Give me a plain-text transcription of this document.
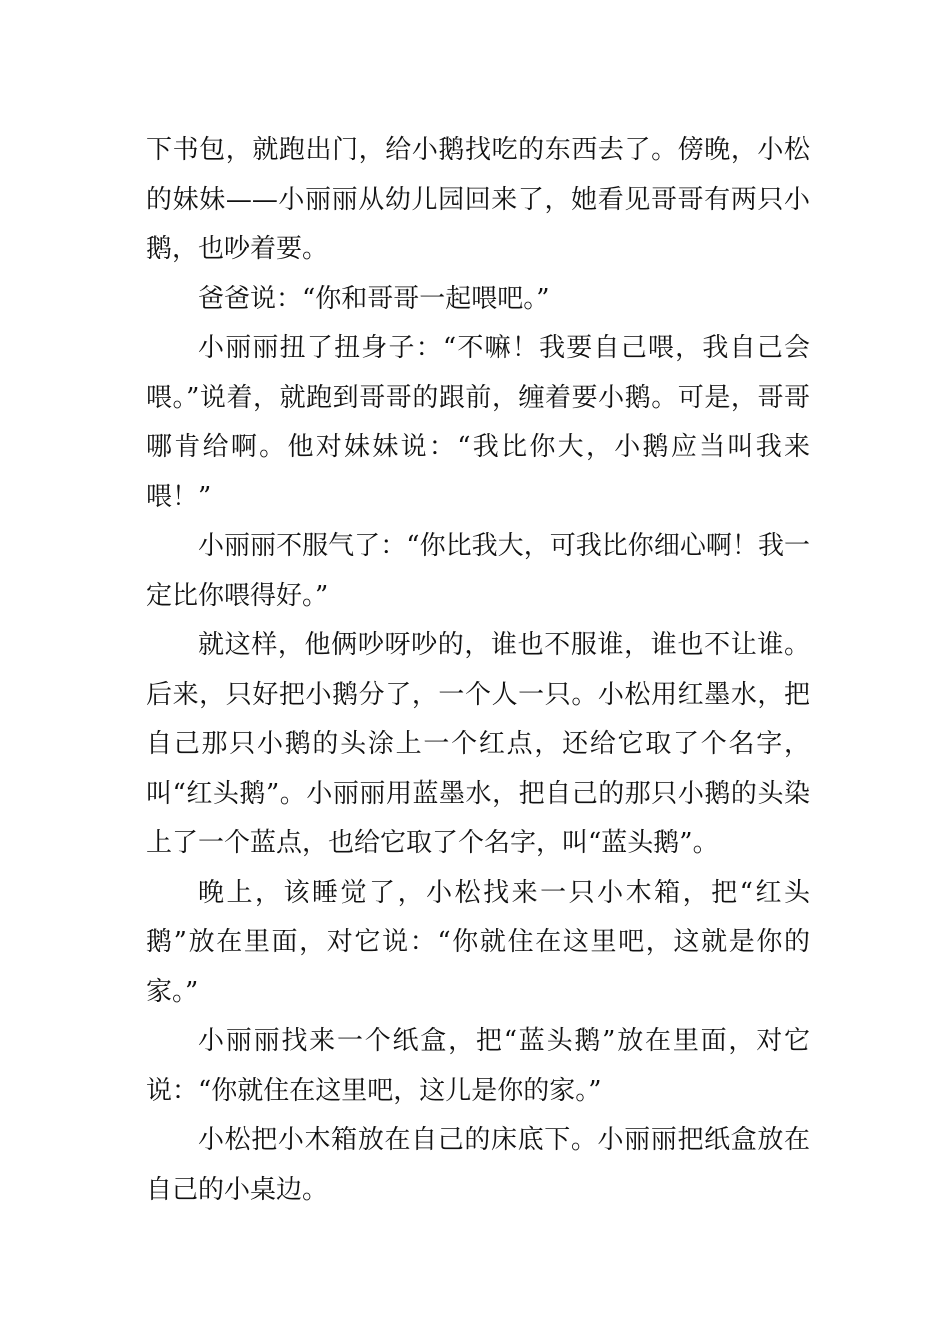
下书包，就跑出门，给小鹅找吃的东西去了。傍晚，小松的妹妹——小丽丽从幼儿园回来了，她看见哥哥有两只小鹅，也吵着要。

爸爸说：“你和哥哥一起喂吧。”

小丽丽扭了扭身子：“不嘛！我要自己喂，我自己会喂。”说着，就跑到哥哥的跟前，缠着要小鹅。可是，哥哥哪肯给啊。他对妹妹说：“我比你大，小鹅应当叫我来喂！”

小丽丽不服气了：“你比我大，可我比你细心啊！我一定比你喂得好。”

就这样，他俩吵呀吵的，谁也不服谁，谁也不让谁。后来，只好把小鹅分了，一个人一只。小松用红墨水，把自己那只小鹅的头涂上一个红点，还给它取了个名字，叫“红头鹅”。小丽丽用蓝墨水，把自己的那只小鹅的头染上了一个蓝点，也给它取了个名字，叫“蓝头鹅”。

晚上，该睡觉了，小松找来一只小木箱，把“红头鹅”放在里面，对它说：“你就住在这里吧，这就是你的家。”

小丽丽找来一个纸盒，把“蓝头鹅”放在里面，对它说：“你就住在这里吧，这儿是你的家。”

小松把小木箱放在自己的床底下。小丽丽把纸盒放在自己的小桌边。
